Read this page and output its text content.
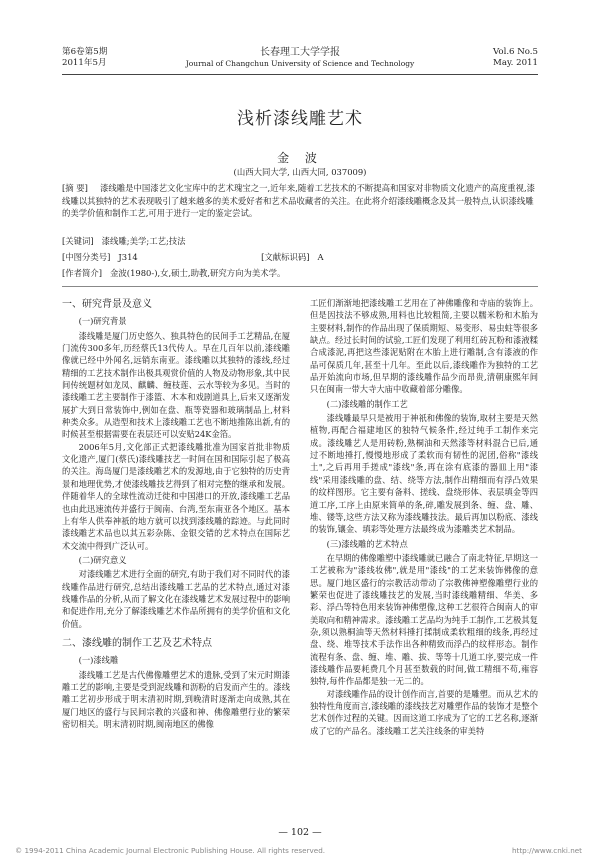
第6卷第5期
2011年5月
长春理工大学学报
Journal of Changchun University of Science and Technology
Vol.6 No.5
May. 2011
浅析漆线雕艺术
金 波
(山西大同大学, 山西大同, 037009)

[摘 要] 漆线雕是中国漆艺文化宝库中的艺术瑰宝之一,近年来,随着工艺技术的不断提高和国家对非物质文化遗产的高度重视,漆线雕以其独特的艺术表现吸引了越来越多的美术爱好者和艺术品收藏者的关注。在此将介绍漆线雕概念及其一般特点,认识漆线雕的美学价值和制作工艺,可用于进行一定的鉴定尝试。

[关键词] 漆线雕;美学;工艺;技法
[中图分类号] J314	[文献标识码] A
[作者简介] 金波(1980-),女,硕士,助教,研究方向为美术学。
一、研究背景及意义
(一)研究背景

漆线雕是厦门历史悠久、独具特色的民间手工艺精品,在厦门流传300多年,历经蔡氏13代传人。早在几百年以前,漆线雕像就已经中外闻名,远销东南亚。漆线雕以其独特的漆线,经过精细的工艺技术制作出极具观赏价值的人物及动物形象,其中民间传统题材如龙凤、麒麟、缠枝莲、云水等较为多见。当时的漆线雕工艺主要制作于漆篮、木本和戏剧道具上,后来又逐渐发展扩大到日常装饰中,例如在盘、瓶等瓷器和玻璃制品上,材料种类众多。从造型和技术上漆线雕工艺也不断地推陈出新,有的时候甚至根据需要在表层还可以安贴24K金箔。

2006年5月,文化部正式把漆线雕批准为国家首批非物质文化遗产,厦门(蔡氏)漆线雕技艺一时间在国和国际引起了极高的关注。海岛厦门是漆线雕艺术的发源地,由于它独特的历史背景和地理优势,才使漆线雕技艺得到了相对完整的继承和发展。伴随着华人的全球性流动迁徙和中国港口的开放,漆线雕工艺品也由此迅速流传并盛行于闽南、台湾,至东南亚各个地区。基本上有华人供奉神祇的地方就可以找到漆线雕的踪迹。与此同时漆线雕艺术品也以其五彩杂陈、金银交错的艺术特点在国际艺术交流中得到广泛认可。

(二)研究意义

对漆线雕艺术进行全面的研究,有助于我们对不同时代的漆线雕作品进行研究,总结出漆线雕工艺品的艺术特点,通过对漆线雕作品的分析,从而了解文化在漆线雕艺术发展过程中的影响和促进作用,充分了解漆线雕艺术作品所拥有的美学价值和文化价值。

二、漆线雕的制作工艺及艺术特点
(一)漆线雕

漆线雕工艺是古代佛像雕塑艺术的遗脉,受到了宋元时期漆雕工艺的影响,主要是受到泥线雕和沥粉的启发而产生的。漆线雕工艺初步形成于明末清初时期,到晚清时逐渐走向成熟,其在厦门地区的盛行与民间宗教的兴盛和神、佛像雕塑行业的繁荣密切相关。明末清初时期,闽南地区的佛像

工匠们渐渐地把漆线雕工艺用在了神佛雕像和寺庙的装饰上。但是因技法不够成熟,用料也比较粗简,主要以糯米粉和木胎为主要材料,制作的作品出现了保质期短、易变形、易虫蛀等很多缺点。经过长时间的试验,工匠们发现了利用红砖瓦粉和漆液糅合成漆泥,再把这些漆泥贴附在木胎上进行雕制,含有漆液的作品可保质几年,甚至十几年。至此以后,漆线雕作为独特的工艺品开始流向市场,但早期的漆线雕作品少而昂贵,清朝康熙年间只在闽南一带大寺大庙中收藏着部分雕像。

(二)漆线雕的制作工艺

漆线雕最早只是被用于神祇和佛像的装饰,取材主要是天然植物,再配合福建地区的独特气候条件,经过纯手工制作来完成。漆线雕艺人是用砖粉,熟桐油和天然漆等材料混合已后,通过不断地捶打,慢慢地形成了柔软而有韧性的泥团,俗称"漆线土",之后再用手搓成"漆线"条,再在涂有底漆的器皿上用"漆线"采用漆线雕的盘、结、绕等方法,制作出精细而有浮凸效果的纹样图形。它主要有备料、搓线、盘绕形体、表层填金等四道工序,工序上由原来简单的条,碎,雕发展到条、缠、盘、雕、堆、镂等,这些方法又称为漆线雕技法。最后再加以粉底、漆线的装饰,镶金、填彩等处理方法最终成为漆雕类艺术制品。

(三)漆线雕的艺术特点

在早期的佛像雕塑中漆线雕就已融合了南北特征,早期这一工艺被称为"漆线妆佛",就是用"漆线"的工艺来装饰佛像的意思。厦门地区盛行的宗教活动带动了宗教佛神塑像雕塑行业的繁荣也促进了漆线雕技艺的发展,当时漆线雕精细、华美、多彩、浮凸等特色用来装饰神佛塑像,这种工艺很符合闽南人的审美取向和精神需求。漆线雕工艺品均为纯手工制作,工艺极其复杂,须以熟桐油等天然材料捶打揉制成柔软粗细的线条,再经过盘、绕、堆等技术手法作出各种精致而浮凸的纹样形态。制作流程有条、盘、缠、堆、雕、拔、等等十几道工序,要完成一件漆线雕作品要耗费几个月甚至数载的时间,做工精细不苟,雍容独特,每件作品都是独一无二的。

对漆线雕作品的设计创作而言,首要的是雕塑。而从艺术的独特性角度而言,漆线雕的漆线技艺对雕塑作品的装饰才是整个艺术创作过程的关键。因而这道工序成为了它的工艺名称,逐渐成了它的产品名。漆线雕工艺关注线条的审美特

— 102 —
© 1994-2011 China Academic Journal Electronic Publishing House. All rights reserved.	http://www.cnki.net
